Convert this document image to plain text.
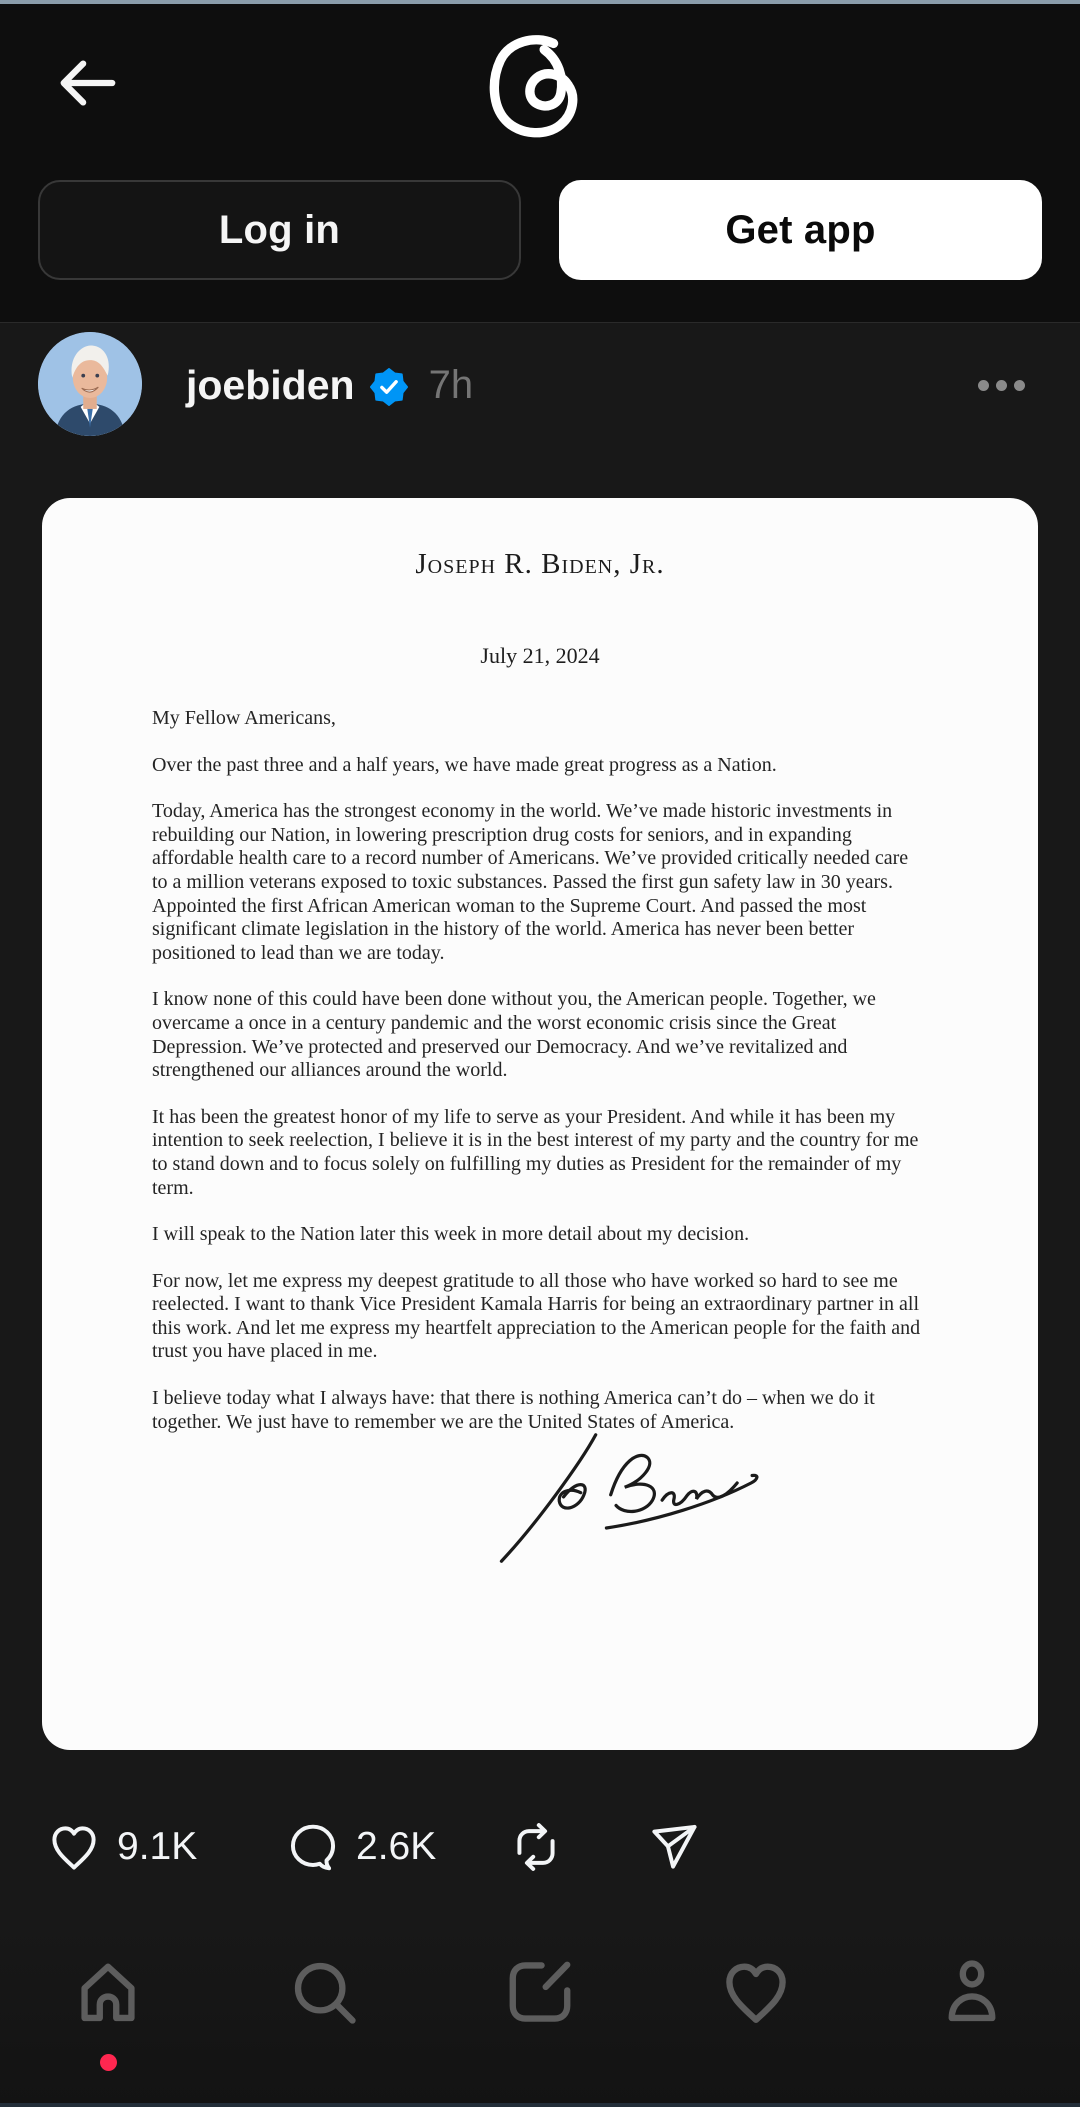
Log in	Get app
joebiden 7h
Joseph R. Biden, Jr.
July 21, 2024

My Fellow Americans,

Over the past three and a half years, we have made great progress as a Nation.

Today, America has the strongest economy in the world. We’ve made historic investments in rebuilding our Nation, in lowering prescription drug costs for seniors, and in expanding affordable health care to a record number of Americans. We’ve provided critically needed care to a million veterans exposed to toxic substances. Passed the first gun safety law in 30 years. Appointed the first African American woman to the Supreme Court. And passed the most significant climate legislation in the history of the world. America has never been better positioned to lead than we are today.

I know none of this could have been done without you, the American people. Together, we overcame a once in a century pandemic and the worst economic crisis since the Great Depression. We’ve protected and preserved our Democracy. And we’ve revitalized and strengthened our alliances around the world.

It has been the greatest honor of my life to serve as your President. And while it has been my intention to seek reelection, I believe it is in the best interest of my party and the country for me to stand down and to focus solely on fulfilling my duties as President for the remainder of my term.

I will speak to the Nation later this week in more detail about my decision.

For now, let me express my deepest gratitude to all those who have worked so hard to see me reelected. I want to thank Vice President Kamala Harris for being an extraordinary partner in all this work. And let me express my heartfelt appreciation to the American people for the faith and trust you have placed in me.

I believe today what I always have: that there is nothing America can’t do – when we do it together. We just have to remember we are the United States of America.

9.1K	2.6K
